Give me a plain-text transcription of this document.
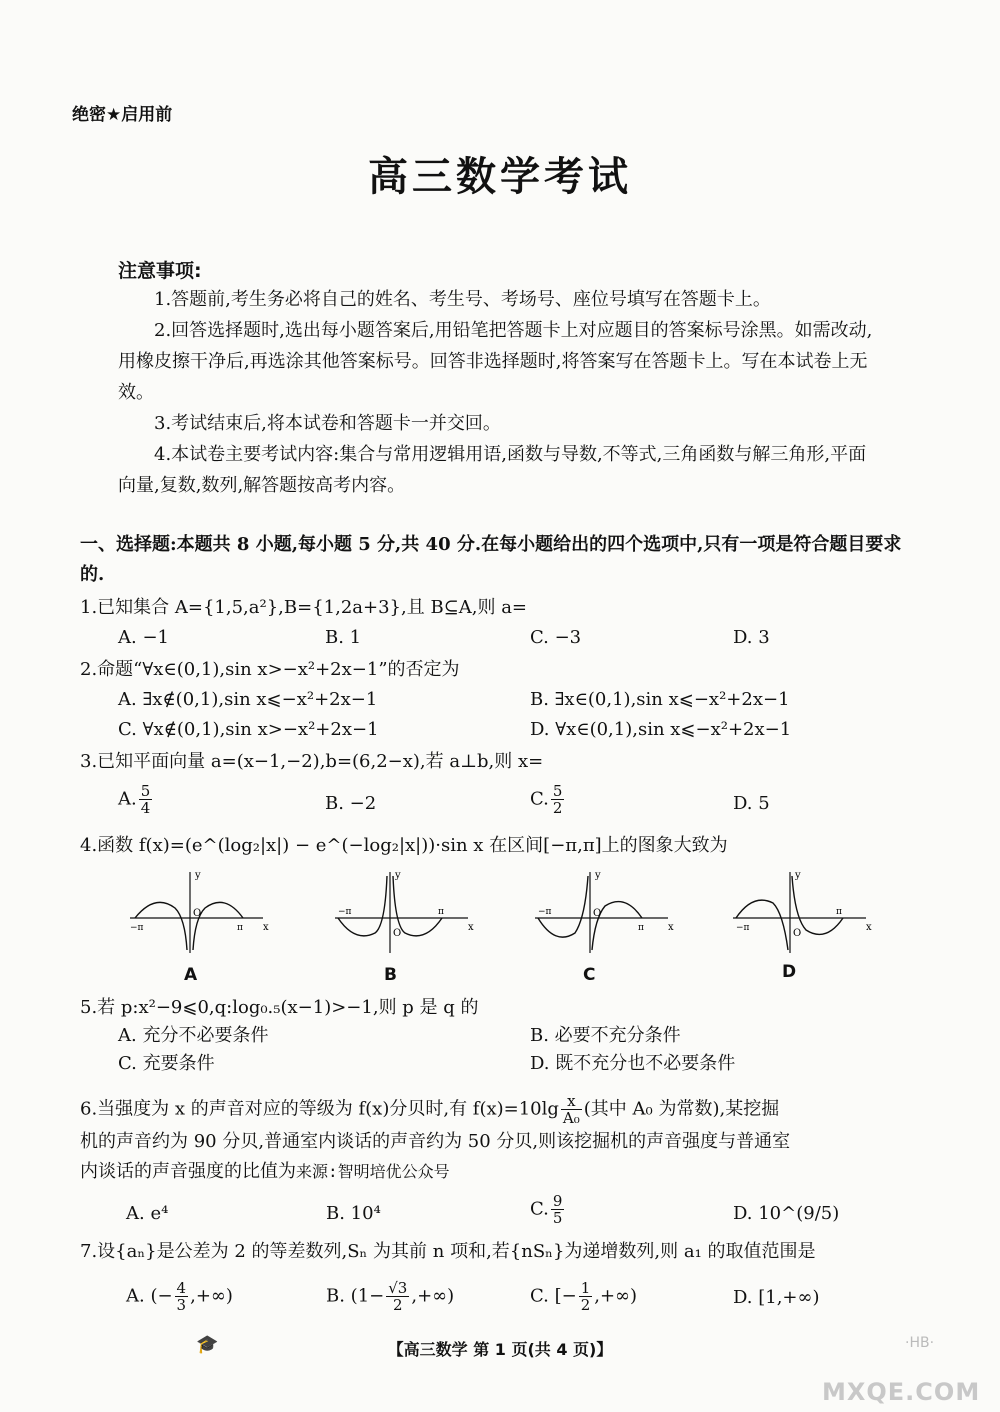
绝密★启用前
高三数学考试
注意事项:

1.答题前,考生务必将自己的姓名、考生号、考场号、座位号填写在答题卡上。

2.回答选择题时,选出每小题答案后,用铅笔把答题卡上对应题目的答案标号涂黑。如需改动,用橡皮擦干净后,再选涂其他答案标号。回答非选择题时,将答案写在答题卡上。写在本试卷上无效。

3.考试结束后,将本试卷和答题卡一并交回。

4.本试卷主要考试内容:集合与常用逻辑用语,函数与导数,不等式,三角函数与解三角形,平面向量,复数,数列,解答题按高考内容。

一、选择题:本题共 8 小题,每小题 5 分,共 40 分.在每小题给出的四个选项中,只有一项是符合题目要求的.
1.已知集合 A={1,5,a²},B={1,2a+3},且 B⊆A,则 a=
A. −1	B. 1	C. −3	D. 3
2.命题“∀x∈(0,1),sin x>−x²+2x−1”的否定为
A. ∃x∉(0,1),sin x⩽−x²+2x−1	B. ∃x∈(0,1),sin x⩽−x²+2x−1
C. ∀x∉(0,1),sin x>−x²+2x−1	D. ∀x∈(0,1),sin x⩽−x²+2x−1
3.已知平面向量 a=(x−1,−2),b=(6,2−x),若 a⊥b,则 x=
A. $\frac{5}{4}$	B. −2	C. $\frac{5}{2}$	D. 5
4.函数 f(x)=(e^(log₂|x|) − e^(−log₂|x|))·sin x 在区间[−π,π]上的图象大致为
y
x
O
−π	π
A
y
x
O
−π	π
B
y
x
O
−π
π
C
y
x
O
−π
π
D
5.若 p:x²−9⩽0,q:log₀.₅(x−1)>−1,则 p 是 q 的
A. 充分不必要条件	B. 必要不充分条件
C. 充要条件	D. 既不充分也不必要条件
6.当强度为 x 的声音对应的等级为 f(x)分贝时,有 $f(x)=10\lg \frac{x}{\text{A₀}}$ (其中 A₀ 为常数),某挖掘
机的声音约为 90 分贝,普通室内谈话的声音约为 50 分贝,则该挖掘机的声音强度与普通室
内谈话的声音强度的比值为来源:智明培优公众号
A. e⁴	B. 10⁴	C. $\frac{9}{5}$	D. 10^(9/5)
7.设{aₙ}是公差为 2 的等差数列,Sₙ 为其前 n 项和,若{nSₙ}为递增数列,则 a₁ 的取值范围是
A. (− $\frac{4}{3}$ ,+∞)	B. ($1- \frac{√3}{2}$ ,+∞)	C. [− $\frac{1}{2}$ ,+∞)	D. [1,+∞)
🎓	【高三数学 第 1 页(共 4 页)】	·HB·
MXQE.COM
